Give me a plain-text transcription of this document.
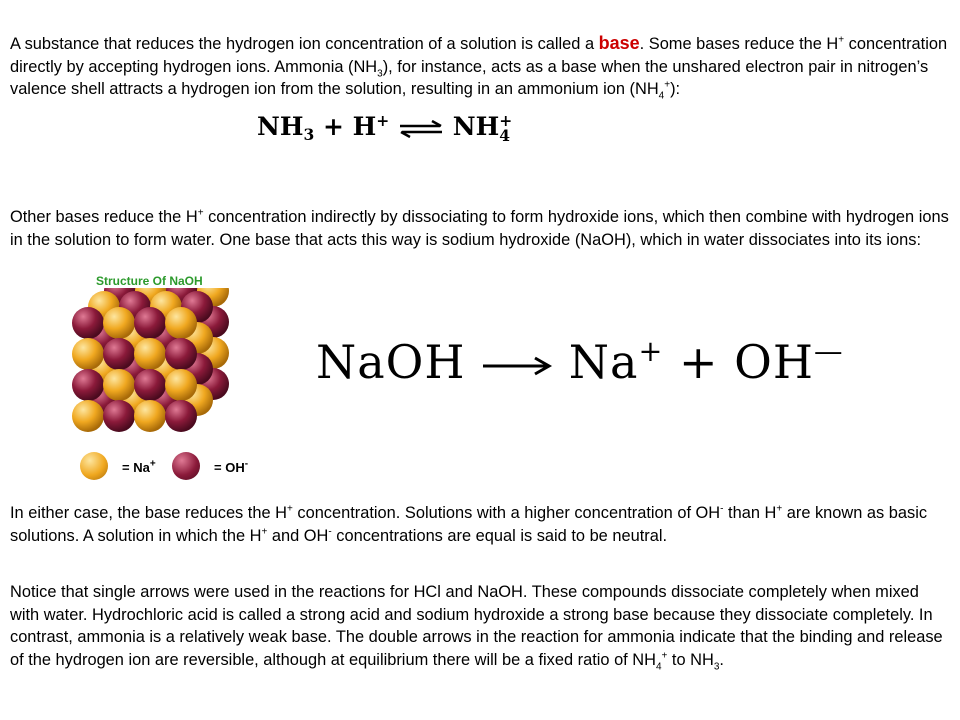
A substance that reduces the hydrogen ion concentration of a solution is called a base. Some bases reduce the H+ concentration directly by accepting hydrogen ions. Ammonia $(NH_3)$, for instance, acts as a base when the unshared electron pair in nitrogen’s valence shell attracts a hydrogen ion from the solution, resulting in an ammonium ion $(NH_4^+)$:
$NH_3 + H^+$ ⇌ NH +
4
Other bases reduce the H+ concentration indirectly by dissociating to form hydroxide ions, which then combine with hydrogen ions in the solution to form water. One base that acts this way is sodium hydroxide (NaOH), which in water dissociates into its ions:
Structure Of NaOH
= Na+	= OH-
NaOH Na+ + OH—
In either case, the base reduces the H+ concentration. Solutions with a higher concentration of OH- than H+ are known as basic solutions. A solution in which the H+ and OH- concentrations are equal is said to be neutral.
Notice that single arrows were used in the reactions for HCl and NaOH. These compounds dissociate completely when mixed with water. Hydrochloric acid is called a strong acid and sodium hydroxide a strong base because they dissociate completely. In contrast, ammonia is a relatively weak base. The double arrows in the reaction for ammonia indicate that the binding and release of the hydrogen ion are reversible, although at equilibrium there will be a fixed ratio of $NH_4^+$ to $NH_3$.
